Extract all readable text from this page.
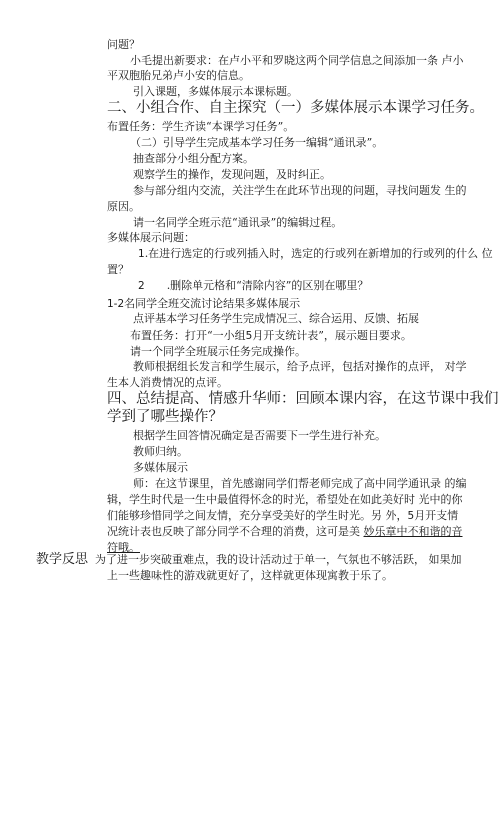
问题？
小毛提出新要求：在卢小平和罗晓这两个同学信息之间添加一条 卢小
平双胞胎兄弟卢小安的信息。
引入课题，多媒体展示本课标题。
二、小组合作、自主探究（一）多媒体展示本课学习任务。
布置任务：学生齐读“本课学习任务”。
（二）引导学生完成基本学习任务一编辑“通讯录”。
抽查部分小组分配方案。
观察学生的操作，发现问题，及时纠正。
参与部分组内交流，关注学生在此环节出现的问题，寻找问题发 生的
原因。
请一名同学全班示范“通讯录”的编辑过程。
多媒体展示问题：
1.在进行选定的行或列插入时，选定的行或列在新增加的行或列的什么 位
置？
2 .删除单元格和“清除内容”的区别在哪里？
1-2名同学全班交流讨论结果多媒体展示
点评基本学习任务学生完成情况三、综合运用、反馈、拓展
布置任务：打开“一小组5月开支统计表”，展示题目要求。
请一个同学全班展示任务完成操作。
教师根据组长发言和学生展示，给予点评，包括对操作的点评， 对学
生本人消费情况的点评。
四、总结提高、情感升华师：回顾本课内容，在这节课中我们
学到了哪些操作？
根据学生回答情况确定是否需要下一学生进行补充。
教师归纳。
多媒体展示
师：在这节课里，首先感谢同学们帮老师完成了高中同学通讯录 的编
辑，学生时代是一生中最值得怀念的时光，希望处在如此美好时 光中的你
们能够珍惜同学之间友情，充分享受美好的学生时光。另 外，5月开支情
况统计表也反映了部分同学不合理的消费，这可是美 妙乐章中不和谐的音
符哦。
教学反思 为了进一步突破重难点，我的设计活动过于单一，气氛也不够活跃， 如果加
上一些趣味性的游戏就更好了，这样就更体现寓教于乐了。
